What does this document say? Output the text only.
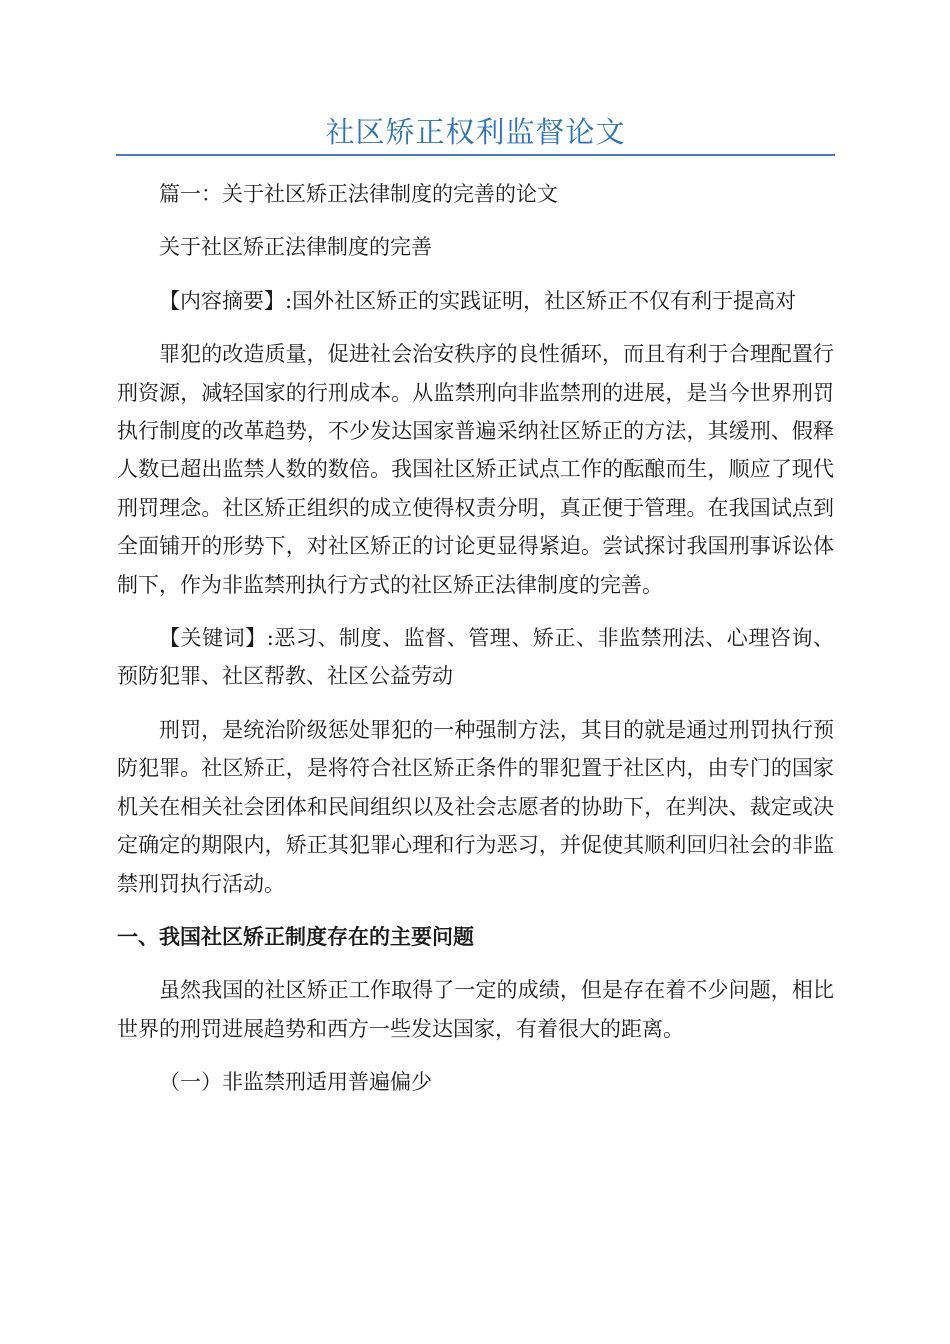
社区矫正权利监督论文

篇一：关于社区矫正法律制度的完善的论文

关于社区矫正法律制度的完善

【内容摘要】:国外社区矫正的实践证明，社区矫正不仅有利于提高对

罪犯的改造质量，促进社会治安秩序的良性循环，而且有利于合理配置行刑资源，减轻国家的行刑成本。从监禁刑向非监禁刑的进展，是当今世界刑罚执行制度的改革趋势，不少发达国家普遍采纳社区矫正的方法，其缓刑、假释人数已超出监禁人数的数倍。我国社区矫正试点工作的酝酿而生，顺应了现代刑罚理念。社区矫正组织的成立使得权责分明，真正便于管理。在我国试点到全面铺开的形势下，对社区矫正的讨论更显得紧迫。尝试探讨我国刑事诉讼体制下，作为非监禁刑执行方式的社区矫正法律制度的完善。

【关键词】:恶习、制度、监督、管理、矫正、非监禁刑法、心理咨询、预防犯罪、社区帮教、社区公益劳动

刑罚，是统治阶级惩处罪犯的一种强制方法，其目的就是通过刑罚执行预防犯罪。社区矫正，是将符合社区矫正条件的罪犯置于社区内，由专门的国家机关在相关社会团体和民间组织以及社会志愿者的协助下，在判决、裁定或决定确定的期限内，矫正其犯罪心理和行为恶习，并促使其顺利回归社会的非监禁刑罚执行活动。

一、我国社区矫正制度存在的主要问题

虽然我国的社区矫正工作取得了一定的成绩，但是存在着不少问题，相比世界的刑罚进展趋势和西方一些发达国家，有着很大的距离。

（一）非监禁刑适用普遍偏少
